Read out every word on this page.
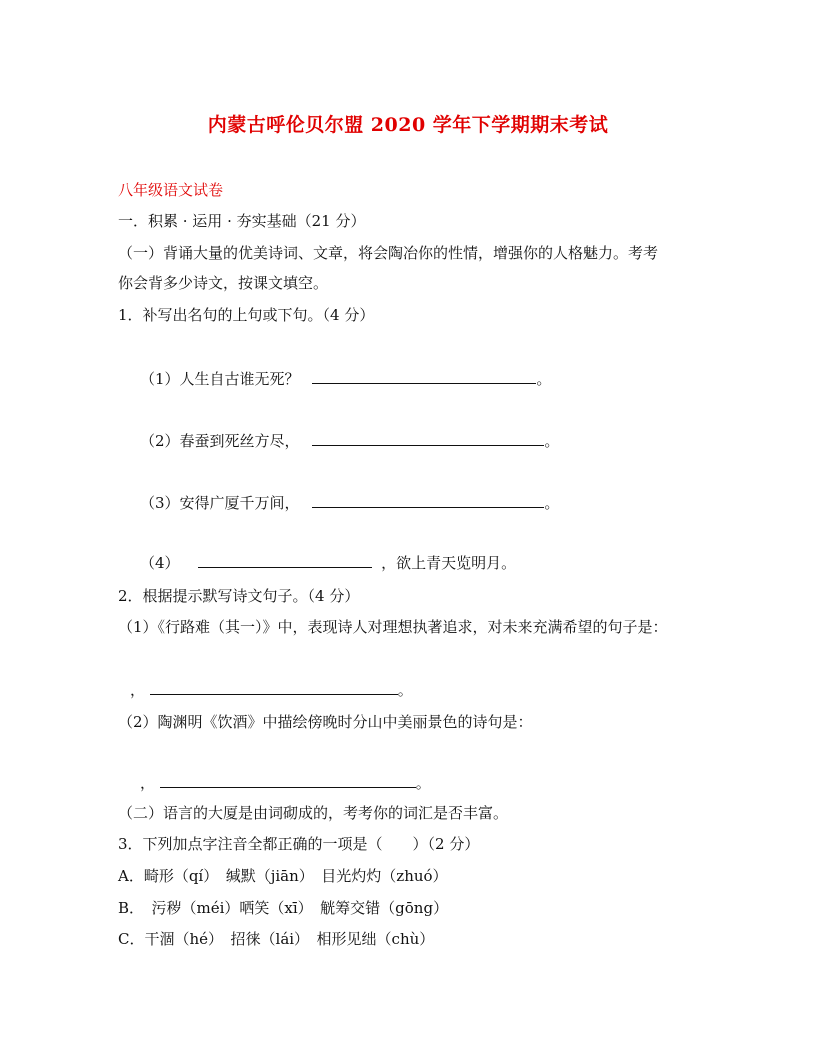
内蒙古呼伦贝尔盟 2020 学年下学期期末考试
八年级语文试卷
一．积累 · 运用 · 夯实基础（21 分）
（一）背诵大量的优美诗词、文章，将会陶冶你的性情，增强你的人格魅力。考考
你会背多少诗文，按课文填空。
1．补写出名句的上句或下句。（4 分）
（1）人生自古谁无死？	。
（2）春蚕到死丝方尽，	。
（3）安得广厦千万间，	。
（4）	，欲上青天览明月。
2．根据提示默写诗文句子。（4 分）
（1）《行路难（其一）》中，表现诗人对理想执著追求，对未来充满希望的句子是：
，	。
（2）陶渊明《饮酒》中描绘傍晚时分山中美丽景色的诗句是：
，	。
（二）语言的大厦是由词砌成的，考考你的词汇是否丰富。
3．下列加点字注音全都正确的一项是（　　）（2 分）
A．畸形（qí）　缄默（jiān）　目光灼灼（zhuó）
B．　污秽（méi）哂笑（xī）　觥筹交错（gōng）
C．干涸（hé）　招徕（lái）　相形见绌（chù）
